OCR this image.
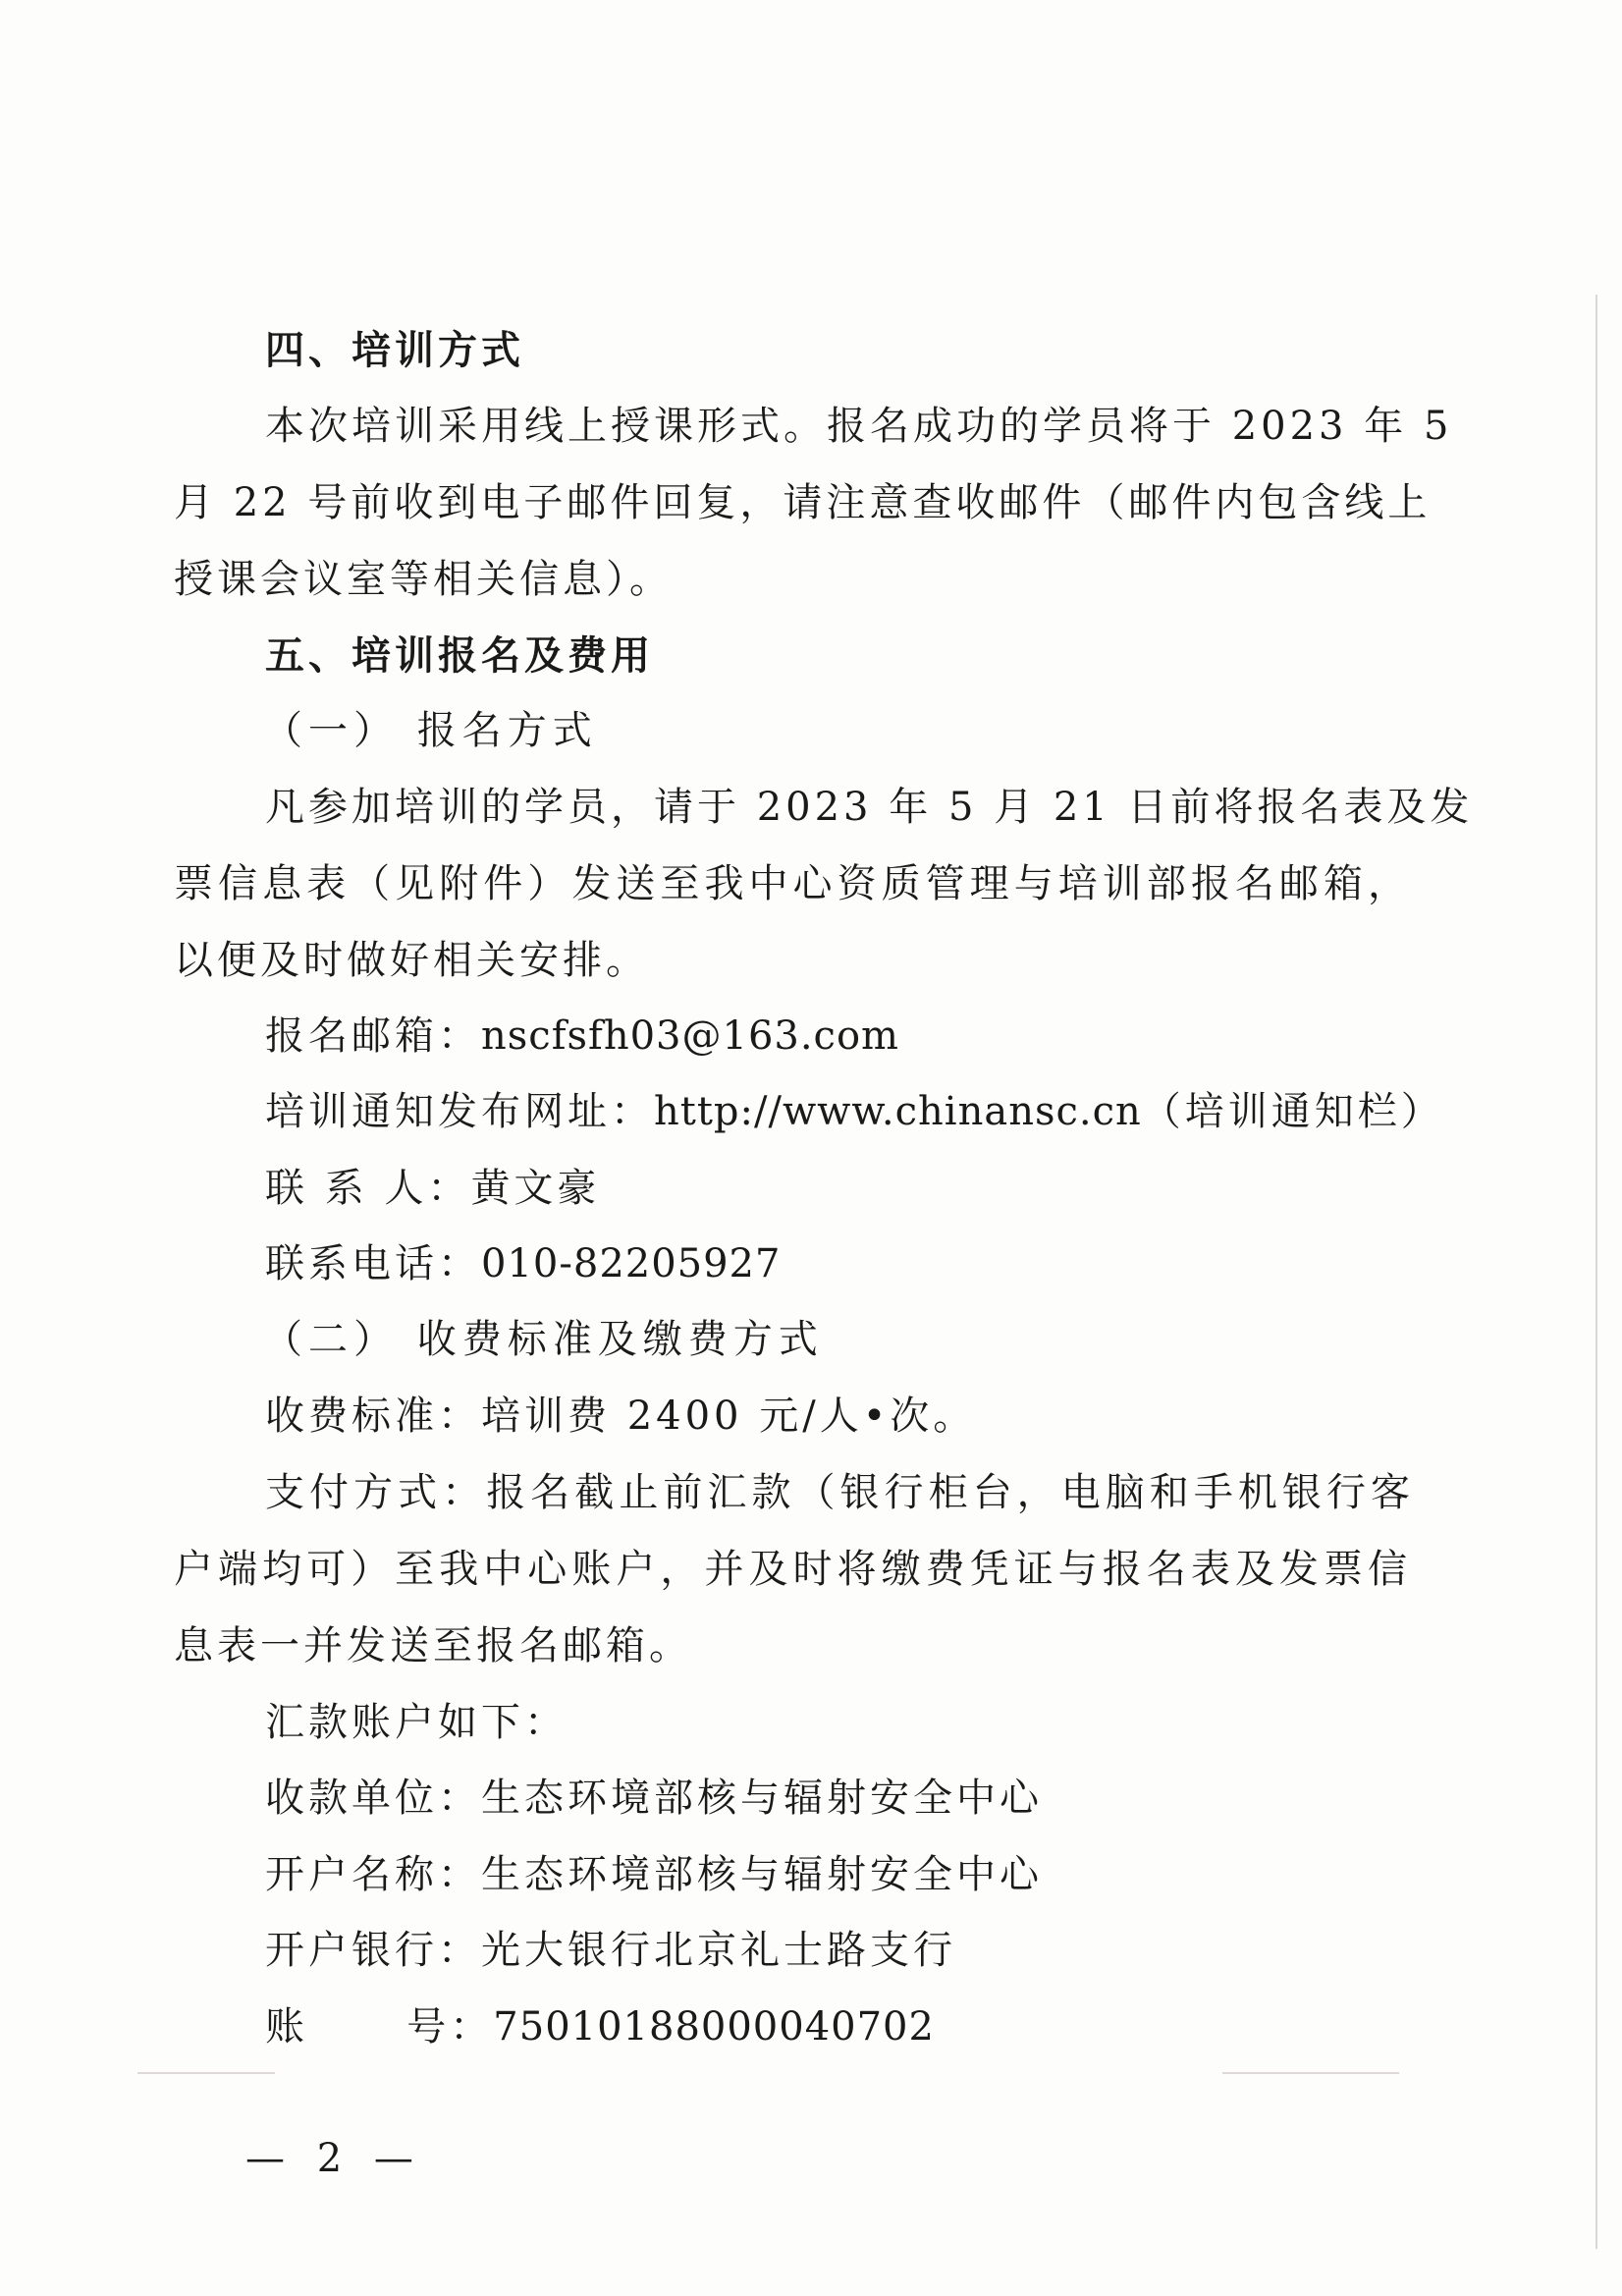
四、培训方式
本次培训采用线上授课形式。报名成功的学员将于 2023 年 5
月 22 号前收到电子邮件回复，请注意查收邮件（邮件内包含线上
授课会议室等相关信息）。
五、培训报名及费用
（一） 报名方式
凡参加培训的学员，请于 2023 年 5 月 21 日前将报名表及发
票信息表（见附件）发送至我中心资质管理与培训部报名邮箱，
以便及时做好相关安排。
报名邮箱： nscfsfh03@163.com
培训通知发布网址： http://www.chinansc.cn （培训通知栏）
联 系 人： 黄文豪
联系电话： 010-82205927
（二） 收费标准及缴费方式
收费标准： 培训费 2400 元/人•次。
支付方式：报名截止前汇款（银行柜台，电脑和手机银行客
户端均可）至我中心账户，并及时将缴费凭证与报名表及发票信
息表一并发送至报名邮箱。
汇款账户如下：
收款单位： 生态环境部核与辐射安全中心
开户名称： 生态环境部核与辐射安全中心
开户银行： 光大银行北京礼士路支行
账      号： 75010188000040702
— 2 —
